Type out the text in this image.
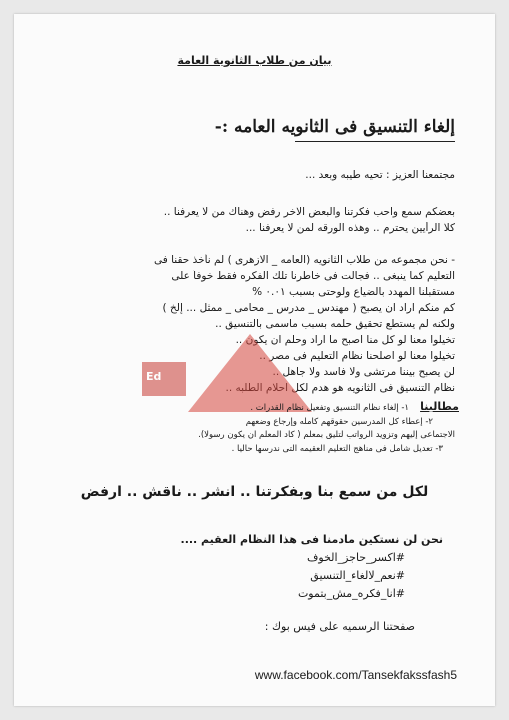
بيان من طلاب الثانوية العامة
إلغاء التنسيق فى الثانويه العامه :-
مجتمعنا العزيز : تحيه طيبه وبعد ...
بعضكم سمع واحب فكرتنا والبعض الاخر رفض وهناك من لا يعرفنا ..
كلا الرأيين يحترم .. وهذه الورقه لمن لا يعرفنا ...
- نحن مجموعه من طلاب الثانويه (العامه _ الازهرى ) لم نأخذ حقنا فى
التعليم كما ينبغى .. فجالت فى خاطرنا تلك الفكره فقط خوفاً على
مستقبلنا المهدد بالضياع ولوحتى بسبب ۰.۰۱ %
كم منكم اراد ان يصبح ( مهندس _ مدرس _ محامى _ ممثل ... إلخ )
ولكنه لم يستطع تحقيق حلمه بسبب ماسمى بالتنسيق ..
تخيلوا معنا لو كل منا اصبح ما اراد وحلم ان يكون ..
تخيلوا معنا لو اصلحنا نظام التعليم فى مصر ..
لن يصبح بيننا مرتشى ولا فاسد ولا جاهل ..
نظام التنسيق فى الثانويه هو هدم لكل احلام الطلبه ..
Ed
مطالبنا
١- إلغاء نظام التنسيق وتفعيل نظام القدرات .
٢- إعطاء كل المدرسين حقوقهم كامله وإرجاع وضعهم
الاجتماعى إليهم وتزويد الرواتب لتليق بمعلم ( كاد المعلم ان يكون رسولا).
٣- تعديل شامل فى مناهج التعليم العقيمه التى ندرسها حالياً .
لكل من سمع بنا وبفكرتنا .. انشر .. ناقش .. ارفض
نحن لن نستكين مادمنا فى هذا النظام العقيم ....
#اكسر_حاجز_الخوف
#نعم_لالغاء_التنسيق
#انا_فكره_مش_بتموت
صفحتنا الرسميه على فيس بوك :
www.facebook.com/Tansekfakssfash5
